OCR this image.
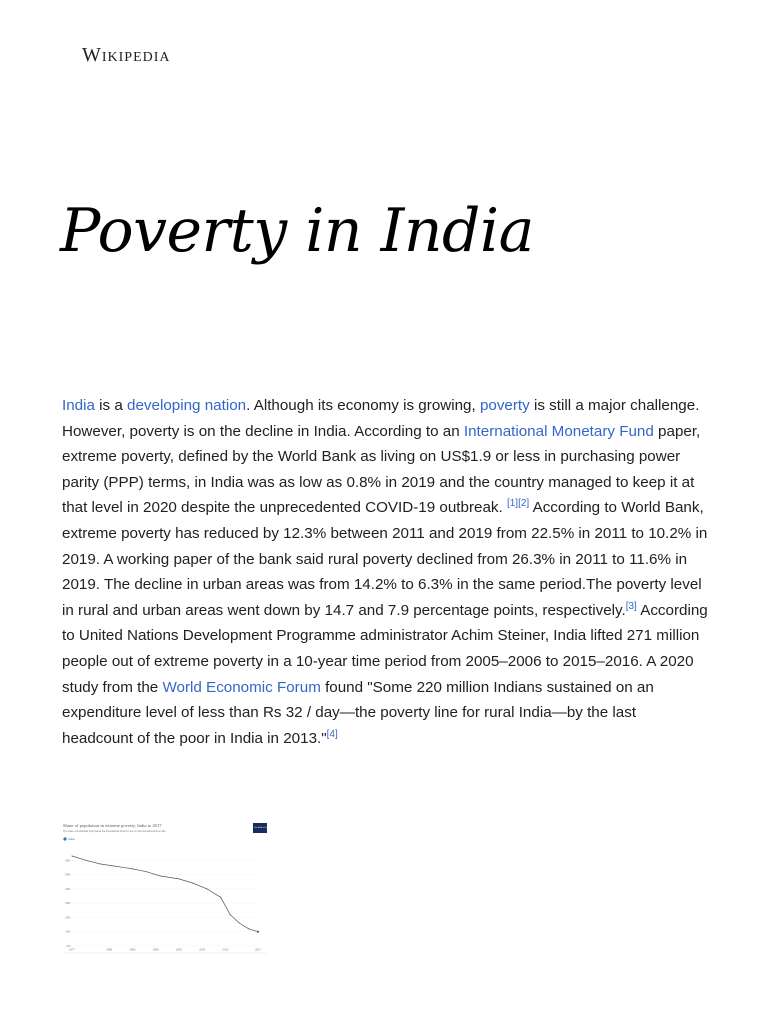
Wikipedia
Poverty in India

India is a developing nation. Although its economy is growing, poverty is still a major challenge. However, poverty is on the decline in India. According to an International Monetary Fund paper, extreme poverty, defined by the World Bank as living on US$1.9 or less in purchasing power parity (PPP) terms, in India was as low as 0.8% in 2019 and the country managed to keep it at that level in 2020 despite the unprecedented COVID-19 outbreak. [1][2] According to World Bank, extreme poverty has reduced by 12.3% between 2011 and 2019 from 22.5% in 2011 to 10.2% in 2019. A working paper of the bank said rural poverty declined from 26.3% in 2011 to 11.6% in 2019. The decline in urban areas was from 14.2% to 6.3% in the same period.The poverty level in rural and urban areas went down by 14.7 and 7.9 percentage points, respectively.[3] According to United Nations Development Programme administrator Achim Steiner, India lifted 271 million people out of extreme poverty in a 10-year time period from 2005–2006 to 2015–2016. A 2020 study from the World Economic Forum found "Some 220 million Indians sustained on an expenditure level of less than Rs 32 / day—the poverty line for rural India—by the last headcount of the poor in India in 2013."[4]

Share of population in extreme poverty, India to 2017
The share of individuals living below the International Poverty Line of 1.90 international-$ per day.
Our World in Data
India
0%
10%
20%
30%
40%
50%
60%
1977	1985	1990	1995	2000	2005	2010	2017
